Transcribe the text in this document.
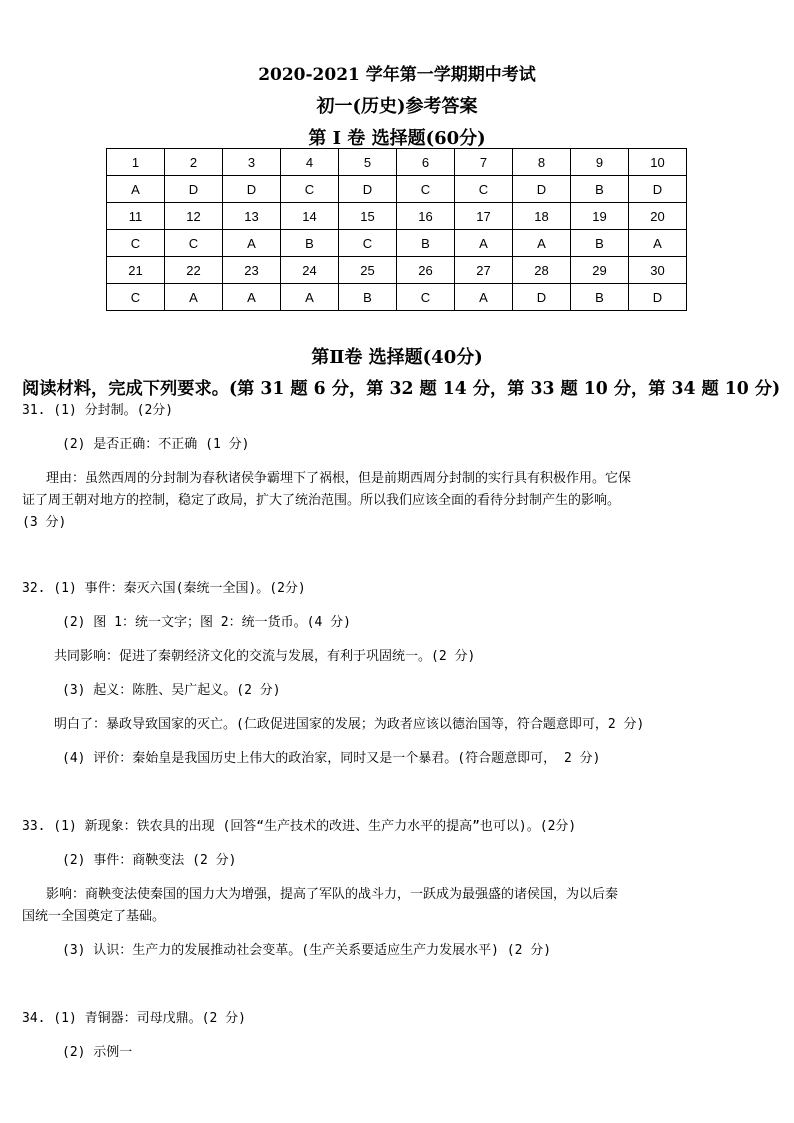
2020-2021 学年第一学期期中考试
初一(历史)参考答案
第 I 卷 选择题(60分)
1	2	3	4	5	6	7	8	9	10
A	D	D	C	D	C	C	D	B	D
11	12	13	14	15	16	17	18	19	20
C	C	A	B	C	B	A	A	B	A
21	22	23	24	25	26	27	28	29	30
C	A	A	A	B	C	A	D	B	D
第Ⅱ卷 选择题(40分)
阅读材料，完成下列要求。(第 31 题 6 分，第 32 题 14 分，第 33 题 10 分，第 34 题 10 分)
31. (1) 分封制。(2分)
(2) 是否正确：不正确 (1 分)
理由：虽然西周的分封制为春秋诸侯争霸埋下了祸根，但是前期西周分封制的实行具有积极作用。它保
证了周王朝对地方的控制，稳定了政局，扩大了统治范围。所以我们应该全面的看待分封制产生的影响。
(3 分)
32. (1) 事件：秦灭六国(秦统一全国)。(2分)
(2) 图 1：统一文字；图 2：统一货币。(4 分)
共同影响：促进了秦朝经济文化的交流与发展，有利于巩固统一。(2 分)
(3) 起义：陈胜、吴广起义。(2 分)
明白了：暴政导致国家的灭亡。(仁政促进国家的发展；为政者应该以德治国等，符合题意即可，2 分)
(4) 评价：秦始皇是我国历史上伟大的政治家，同时又是一个暴君。(符合题意即可， 2 分)
33. (1) 新现象：铁农具的出现 (回答“生产技术的改进、生产力水平的提高”也可以)。(2分)
(2) 事件：商鞅变法 (2 分)
影响：商鞅变法使秦国的国力大为增强，提高了军队的战斗力，一跃成为最强盛的诸侯国，为以后秦
国统一全国奠定了基础。
(3) 认识：生产力的发展推动社会变革。(生产关系要适应生产力发展水平) (2 分)
34. (1) 青铜器：司母戊鼎。(2 分)
(2) 示例一
